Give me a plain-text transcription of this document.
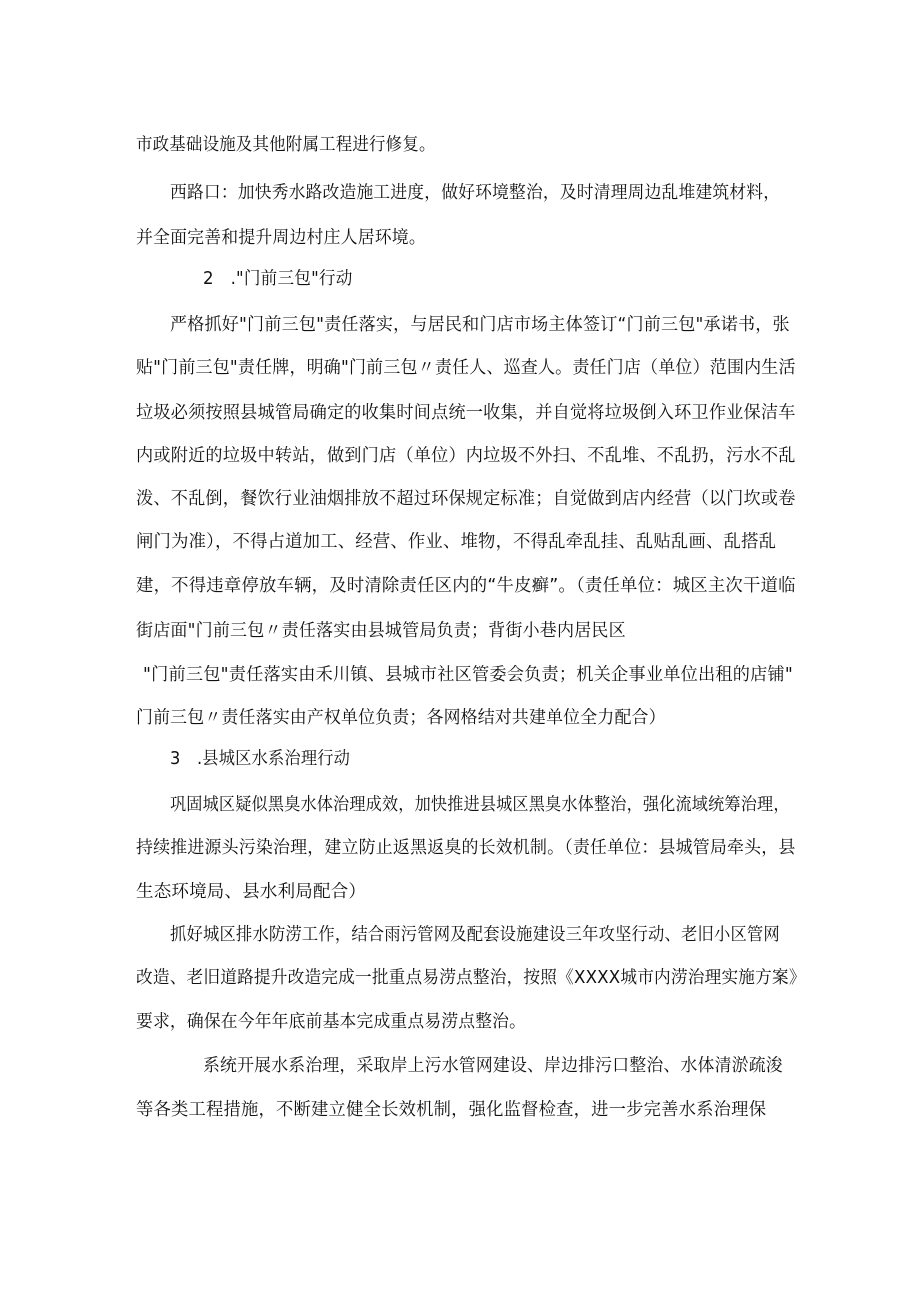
市政基础设施及其他附属工程进行修复。
西路口：加快秀水路改造施工进度，做好环境整治，及时清理周边乱堆建筑材料，
并全面完善和提升周边村庄人居环境。
2　."门前三包"行动
严格抓好"门前三包"责任落实，与居民和门店市场主体签订“门前三包"承诺书，张
贴"门前三包"责任牌，明确"门前三包〃责任人、巡查人。责任门店（单位）范围内生活
垃圾必须按照县城管局确定的收集时间点统一收集，并自觉将垃圾倒入环卫作业保洁车
内或附近的垃圾中转站，做到门店（单位）内垃圾不外扫、不乱堆、不乱扔，污水不乱
泼、不乱倒，餐饮行业油烟排放不超过环保规定标准；自觉做到店内经营（以门坎或卷
闸门为准），不得占道加工、经营、作业、堆物，不得乱牵乱挂、乱贴乱画、乱搭乱
建，不得违章停放车辆，及时清除责任区内的“牛皮癣”。（责任单位：城区主次干道临
街店面"门前三包〃责任落实由县城管局负责；背街小巷内居民区
"门前三包"责任落实由禾川镇、县城市社区管委会负责；机关企事业单位出租的店铺"
门前三包〃责任落实由产权单位负责；各网格结对共建单位全力配合）
3　.县城区水系治理行动
巩固城区疑似黑臭水体治理成效，加快推进县城区黑臭水体整治，强化流域统筹治理，
持续推进源头污染治理，建立防止返黑返臭的长效机制。（责任单位：县城管局牵头，县
生态环境局、县水利局配合）
抓好城区排水防涝工作，结合雨污管网及配套设施建设三年攻坚行动、老旧小区管网
改造、老旧道路提升改造完成一批重点易涝点整治，按照《XXXX城市内涝治理实施方案》
要求，确保在今年年底前基本完成重点易涝点整治。
系统开展水系治理，采取岸上污水管网建设、岸边排污口整治、水体清淤疏浚
等各类工程措施，不断建立健全长效机制，强化监督检查，进一步完善水系治理保
